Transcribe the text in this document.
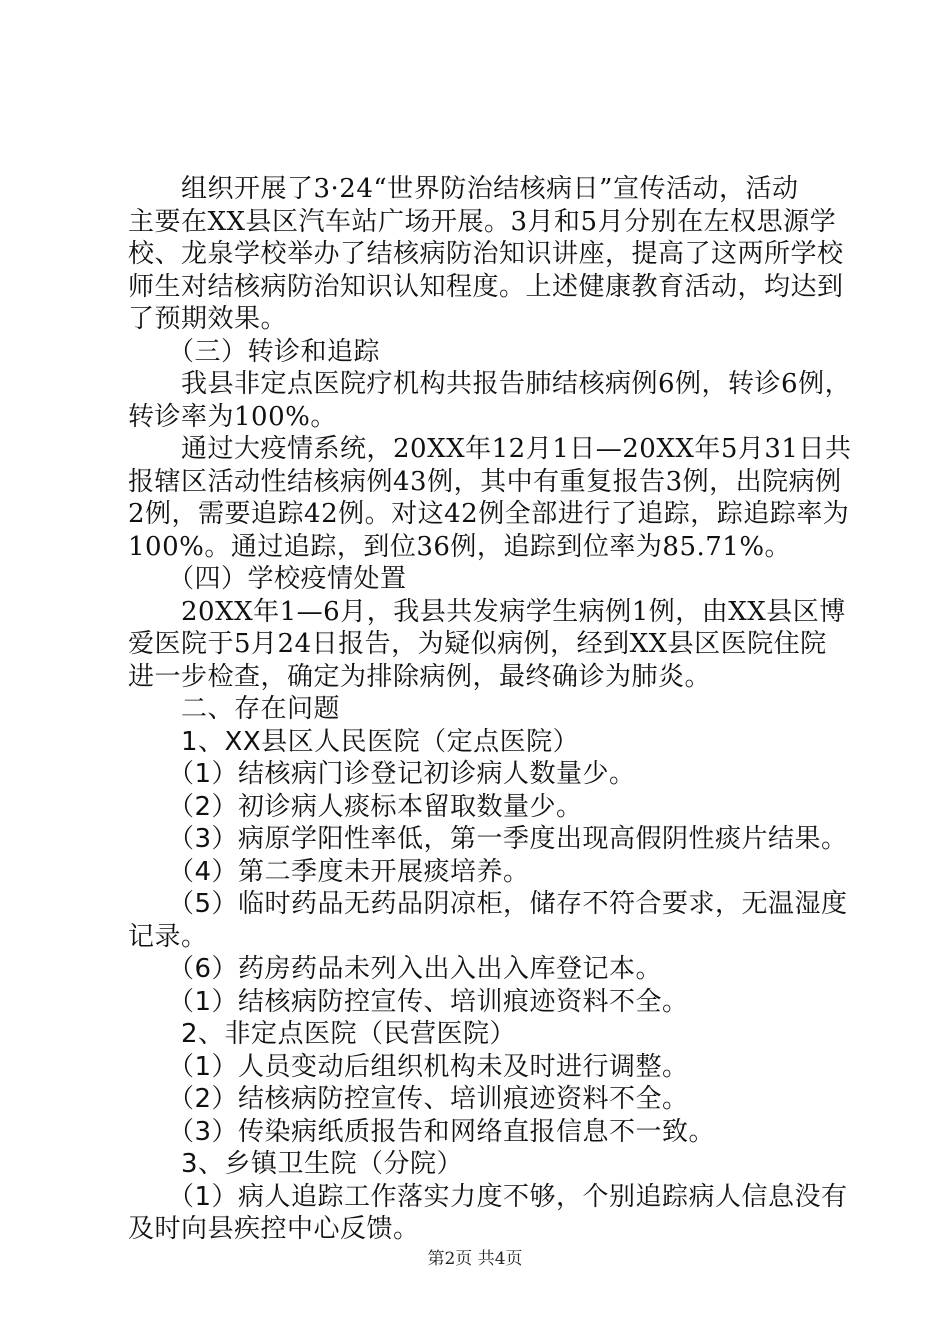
　　组织开展了3·24“世界防治结核病日”宣传活动，活动

主要在XX县区汽车站广场开展。3月和5月分别在左权思源学

校、龙泉学校举办了结核病防治知识讲座，提高了这两所学校

师生对结核病防治知识认知程度。上述健康教育活动，均达到

了预期效果。

　　（三）转诊和追踪

　　我县非定点医院疗机构共报告肺结核病例6例，转诊6例，

转诊率为100%。

　　通过大疫情系统，20XX年12月1日—20XX年5月31日共

报辖区活动性结核病例43例，其中有重复报告3例，出院病例

2例，需要追踪42例。对这42例全部进行了追踪，踪追踪率为

100%。通过追踪，到位36例，追踪到位率为85.71%。

　　（四）学校疫情处置

　　20XX年1—6月，我县共发病学生病例1例，由XX县区博

爱医院于5月24日报告，为疑似病例，经到XX县区医院住院

进一步检查，确定为排除病例，最终确诊为肺炎。

　　二、存在问题

　　1、XX县区人民医院（定点医院）

　　（1）结核病门诊登记初诊病人数量少。

　　（2）初诊病人痰标本留取数量少。

　　（3）病原学阳性率低，第一季度出现高假阴性痰片结果。

　　（4）第二季度未开展痰培养。

　　（5）临时药品无药品阴凉柜，储存不符合要求，无温湿度

记录。

　　（6）药房药品未列入出入出入库登记本。

　　（1）结核病防控宣传、培训痕迹资料不全。

　　2、非定点医院（民营医院）

　　（1）人员变动后组织机构未及时进行调整。

　　（2）结核病防控宣传、培训痕迹资料不全。

　　（3）传染病纸质报告和网络直报信息不一致。

　　3、乡镇卫生院（分院）

　　（1）病人追踪工作落实力度不够，个别追踪病人信息没有

及时向县疾控中心反馈。

第2页 共4页
